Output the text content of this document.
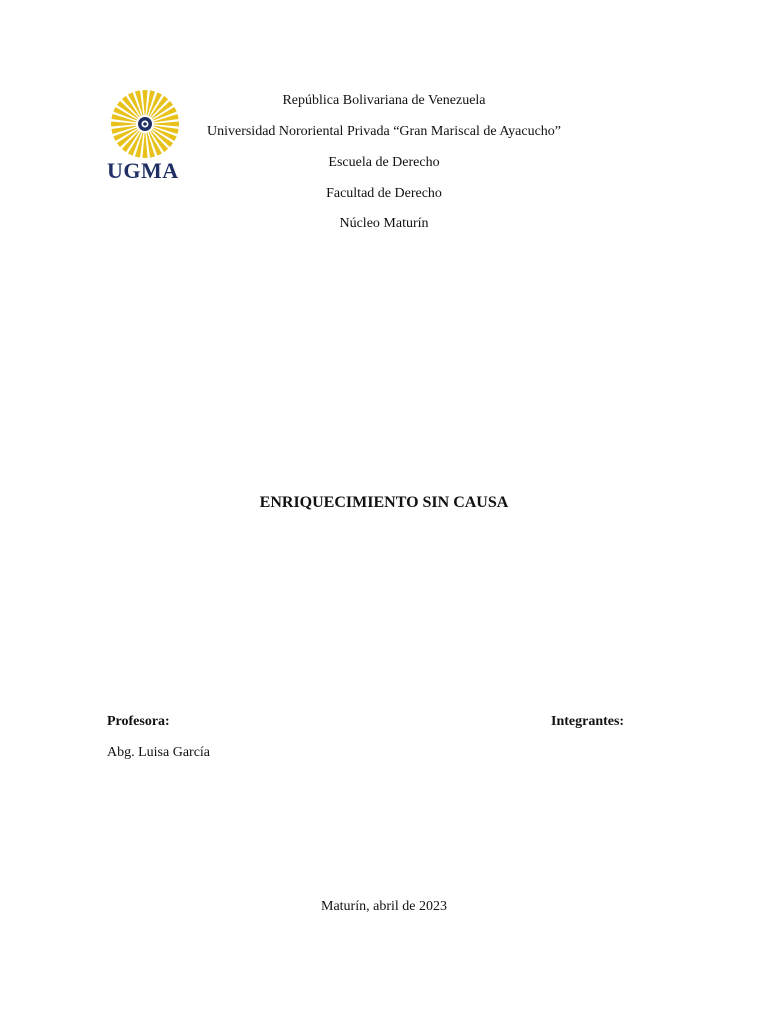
UGMA
República Bolivariana de Venezuela
Universidad Nororiental Privada “Gran Mariscal de Ayacucho”
Escuela de Derecho
Facultad de Derecho
Núcleo Maturín
ENRIQUECIMIENTO SIN CAUSA
Profesora:
Abg. Luisa García
Integrantes:
Maturín, abril de 2023
